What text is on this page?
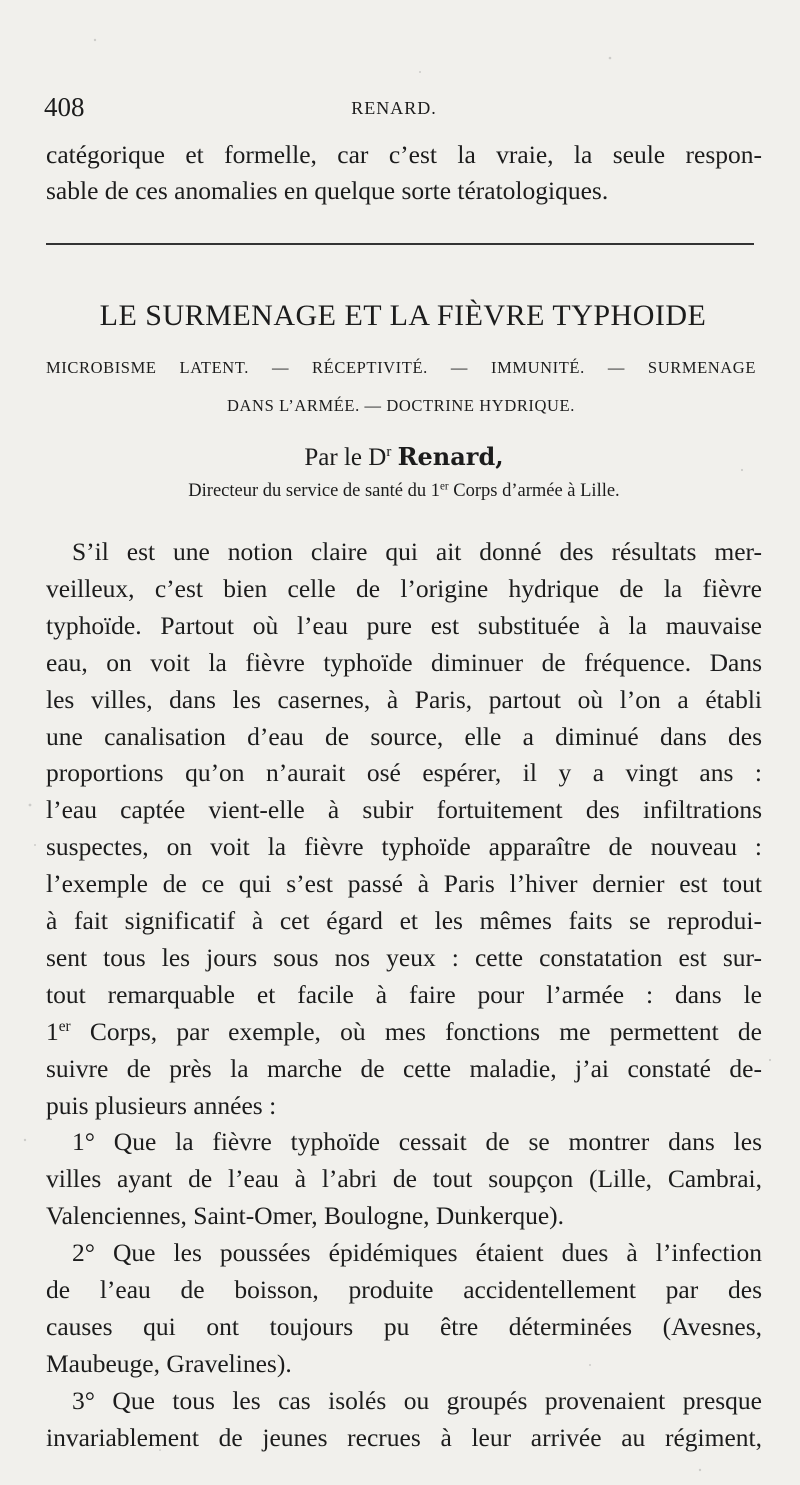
408	RENARD.
catégorique et formelle, car c’est la vraie, la seule respon-
sable de ces anomalies en quelque sorte tératologiques.
LE SURMENAGE ET LA FIÈVRE TYPHOIDE
MICROBISME LATENT. — RÉCEPTIVITÉ. — IMMUNITÉ. — SURMENAGE
DANS L’ARMÉE. — DOCTRINE HYDRIQUE.
Par le $D^r$ Renard,
Directeur du service de santé du 1er Corps d’armée à Lille.
S’il est une notion claire qui ait donné des résultats mer-
veilleux, c’est bien celle de l’origine hydrique de la fièvre
typhoïde. Partout où l’eau pure est substituée à la mauvaise
eau, on voit la fièvre typhoïde diminuer de fréquence. Dans
les villes, dans les casernes, à Paris, partout où l’on a établi
une canalisation d’eau de source, elle a diminué dans des
proportions qu’on n’aurait osé espérer, il y a vingt ans :
l’eau captée vient-elle à subir fortuitement des infiltrations
suspectes, on voit la fièvre typhoïde apparaître de nouveau :
l’exemple de ce qui s’est passé à Paris l’hiver dernier est tout
à fait significatif à cet égard et les mêmes faits se reprodui-
sent tous les jours sous nos yeux : cette constatation est sur-
tout remarquable et facile à faire pour l’armée : dans le
1er Corps, par exemple, où mes fonctions me permettent de
suivre de près la marche de cette maladie, j’ai constaté de-
puis plusieurs années :
1° Que la fièvre typhoïde cessait de se montrer dans les
villes ayant de l’eau à l’abri de tout soupçon (Lille, Cambrai,
Valenciennes, Saint-Omer, Boulogne, Dunkerque).
2° Que les poussées épidémiques étaient dues à l’infection
de l’eau de boisson, produite accidentellement par des
causes qui ont toujours pu être déterminées (Avesnes,
Maubeuge, Gravelines).
3° Que tous les cas isolés ou groupés provenaient presque
invariablement de jeunes recrues à leur arrivée au régiment,
